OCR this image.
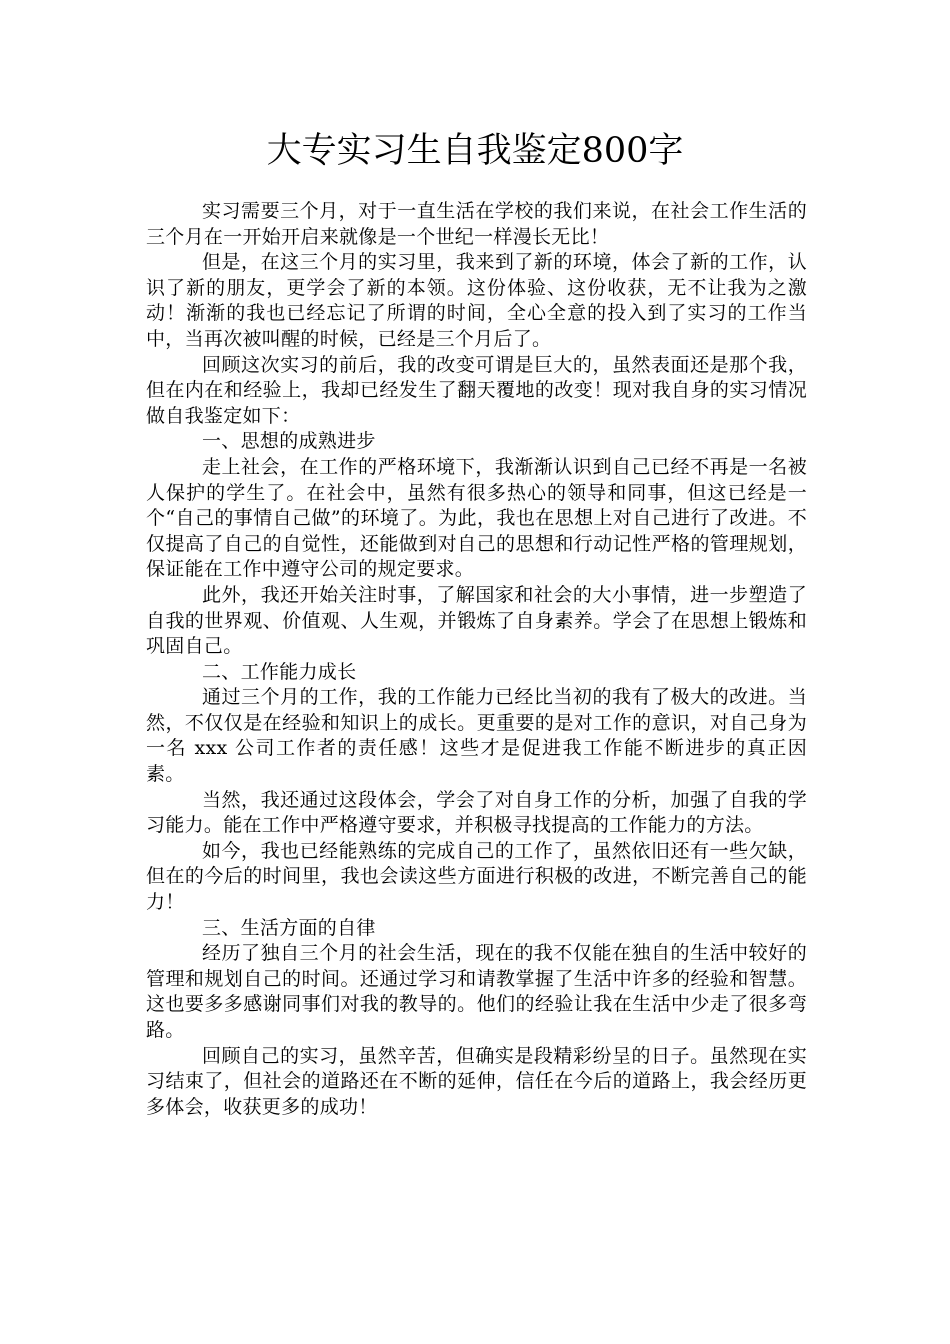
大专实习生自我鉴定800字

实习需要三个月，对于一直生活在学校的我们来说，在社会工作生活的三个月在一开始开启来就像是一个世纪一样漫长无比！

但是，在这三个月的实习里，我来到了新的环境，体会了新的工作，认识了新的朋友，更学会了新的本领。这份体验、这份收获，无不让我为之激动！渐渐的我也已经忘记了所谓的时间，全心全意的投入到了实习的工作当中，当再次被叫醒的时候，已经是三个月后了。

回顾这次实习的前后，我的改变可谓是巨大的，虽然表面还是那个我，但在内在和经验上，我却已经发生了翻天覆地的改变！现对我自身的实习情况做自我鉴定如下：

一、思想的成熟进步

走上社会，在工作的严格环境下，我渐渐认识到自己已经不再是一名被人保护的学生了。在社会中，虽然有很多热心的领导和同事，但这已经是一个“自己的事情自己做”的环境了。为此，我也在思想上对自己进行了改进。不仅提高了自己的自觉性，还能做到对自己的思想和行动记性严格的管理规划，保证能在工作中遵守公司的规定要求。

此外，我还开始关注时事，了解国家和社会的大小事情，进一步塑造了自我的世界观、价值观、人生观，并锻炼了自身素养。学会了在思想上锻炼和巩固自己。

二、工作能力成长

通过三个月的工作，我的工作能力已经比当初的我有了极大的改进。当然，不仅仅是在经验和知识上的成长。更重要的是对工作的意识，对自己身为一名 xxx 公司工作者的责任感！这些才是促进我工作能不断进步的真正因素。

当然，我还通过这段体会，学会了对自身工作的分析，加强了自我的学习能力。能在工作中严格遵守要求，并积极寻找提高的工作能力的方法。

如今，我也已经能熟练的完成自己的工作了，虽然依旧还有一些欠缺，但在的今后的时间里，我也会读这些方面进行积极的改进，不断完善自己的能力！

三、生活方面的自律

经历了独自三个月的社会生活，现在的我不仅能在独自的生活中较好的管理和规划自己的时间。还通过学习和请教掌握了生活中许多的经验和智慧。这也要多多感谢同事们对我的教导的。他们的经验让我在生活中少走了很多弯路。

回顾自己的实习，虽然辛苦，但确实是段精彩纷呈的日子。虽然现在实习结束了，但社会的道路还在不断的延伸，信任在今后的道路上，我会经历更多体会，收获更多的成功！
